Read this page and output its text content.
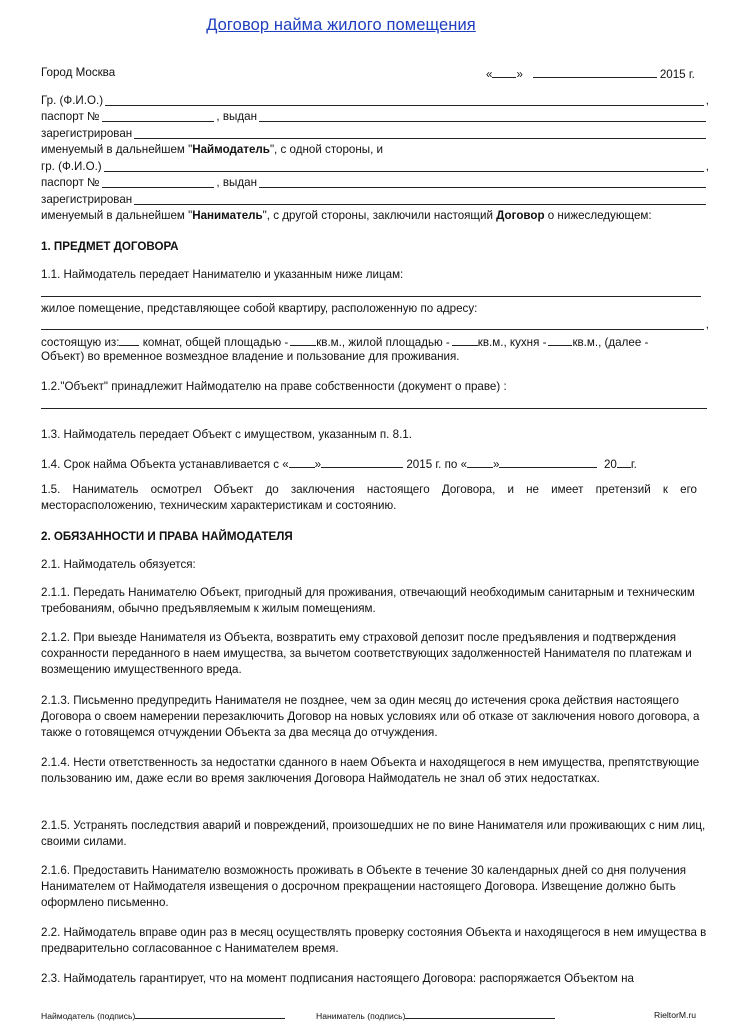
Договор найма жилого помещения
Город Москва	« »	2015 г.
Гр. (Ф.И.О.)	,
паспорт №	, выдан
зарегистрирован
именуемый в дальнейшем "Наймодатель", с одной стороны, и
гр. (Ф.И.О.)	,
паспорт №	, выдан
зарегистрирован
именуемый в дальнейшем "Наниматель", с другой стороны, заключили настоящий Договор о нижеследующем:
1. ПРЕДМЕТ ДОГОВОРА
1.1. Наймодатель передает Нанимателю и указанным ниже лицам:
жилое помещение, представляющее собой квартиру, расположенную по адресу:
,
состоящую из: комнат, общей площадью - кв.м., жилой площадью - кв.м., кухня - кв.м., (далее -
Объект) во временное возмездное владение и пользование для проживания.
1.2."Объект" принадлежит Наймодателю на праве собственности (документ о праве) :
1.3. Наймодатель передает Объект с имуществом, указанным п. 8.1.
1.4. Срок найма Объекта устанавливается с « »	2015 г. по « »	20 г.
1.5. Наниматель осмотрел Объект до заключения настоящего Договора, и не имеет претензий к его месторасположению, техническим характеристикам и состоянию.
2. ОБЯЗАННОСТИ И ПРАВА НАЙМОДАТЕЛЯ
2.1. Наймодатель обязуется:
2.1.1. Передать Нанимателю Объект, пригодный для проживания, отвечающий необходимым санитарным и техническим требованиям, обычно предъявляемым к жилым помещениям.
2.1.2. При выезде Нанимателя из Объекта, возвратить ему страховой депозит после предъявления и подтверждения сохранности переданного в наем имущества, за вычетом соответствующих задолженностей Нанимателя по платежам и возмещению имущественного вреда.
2.1.3. Письменно предупредить Нанимателя не позднее, чем за один месяц до истечения срока действия настоящего Договора о своем намерении перезаключить Договор на новых условиях или об отказе от заключения нового договора, а также о готовящемся отчуждении Объекта за два месяца до отчуждения.
2.1.4. Нести ответственность за недостатки сданного в наем Объекта и находящегося в нем имущества, препятствующие пользованию им, даже если во время заключения Договора Наймодатель не знал об этих недостатках.
2.1.5. Устранять последствия аварий и повреждений, произошедших не по вине Нанимателя или проживающих с ним лиц, своими силами.
2.1.6. Предоставить Нанимателю возможность проживать в Объекте в течение 30 календарных дней со дня получения Нанимателем от Наймодателя извещения о досрочном прекращении настоящего Договора. Извещение должно быть оформлено письменно.
2.2. Наймодатель вправе один раз в месяц осуществлять проверку состояния Объекта и находящегося в нем имущества в предварительно согласованное с Нанимателем время.
2.3. Наймодатель гарантирует, что на момент подписания настоящего Договора: распоряжается Объектом на
Наймодатель (подпись)	Наниматель (подпись)	RieltorM.ru
